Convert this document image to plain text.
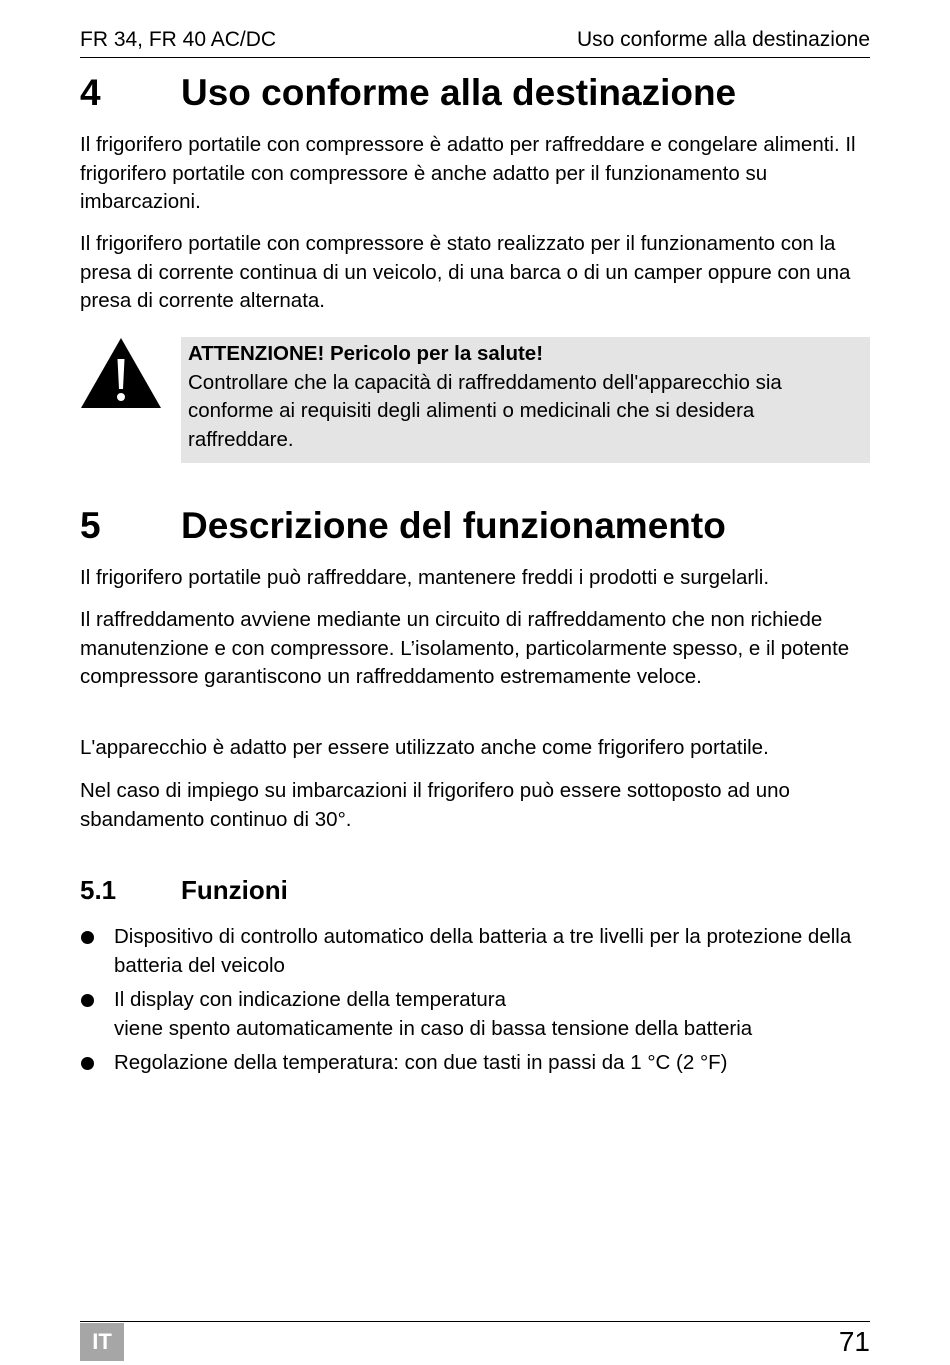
FR 34, FR 40 AC/DC	Uso conforme alla destinazione
4 Uso conforme alla destinazione

Il frigorifero portatile con compressore è adatto per raffreddare e congelare alimenti. Il frigorifero portatile con compressore è anche adatto per il funzionamento su imbarcazioni.

Il frigorifero portatile con compressore è stato realizzato per il funzionamento con la presa di corrente continua di un veicolo, di una barca o di un camper oppure con una presa di corrente alternata.

ATTENZIONE! Pericolo per la salute!
Controllare che la capacità di raffreddamento dell'apparecchio sia conforme ai requisiti degli alimenti o medicinali che si desidera raffreddare.
5 Descrizione del funzionamento

Il frigorifero portatile può raffreddare, mantenere freddi i prodotti e surgelarli.

Il raffreddamento avviene mediante un circuito di raffreddamento che non richiede manutenzione e con compressore. L’isolamento, particolarmente spesso, e il potente compressore garantiscono un raffreddamento estremamente veloce.

L'apparecchio è adatto per essere utilizzato anche come frigorifero portatile.

Nel caso di impiego su imbarcazioni il frigorifero può essere sottoposto ad uno sbandamento continuo di 30°.

5.1 Funzioni
Dispositivo di controllo automatico della batteria a tre livelli per la protezione della batteria del veicolo
Il display con indicazione della temperatura
viene spento automaticamente in caso di bassa tensione della batteria
Regolazione della temperatura: con due tasti in passi da 1 °C (2 °F)
IT	71
